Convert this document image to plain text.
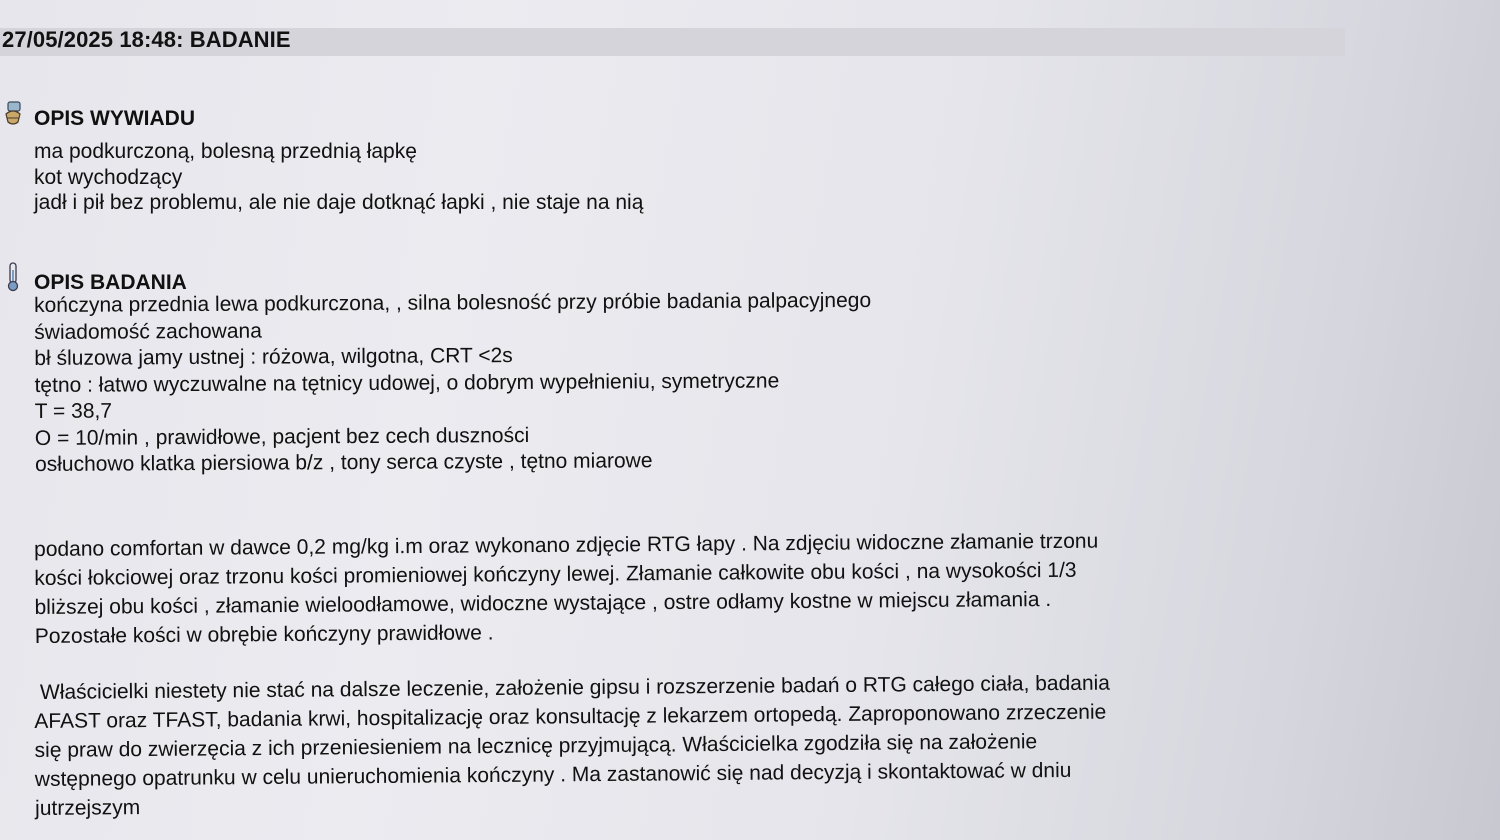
27/05/2025 18:48: BADANIE
OPIS WYWIADU
ma podkurczoną, bolesną przednią łapkę
kot wychodzący
jadł i pił bez problemu, ale nie daje dotknąć łapki , nie staje na nią
OPIS BADANIA
kończyna przednia lewa podkurczona, , silna bolesność przy próbie badania palpacyjnego
świadomość zachowana
bł śluzowa jamy ustnej : różowa, wilgotna, CRT <2s
tętno : łatwo wyczuwalne na tętnicy udowej, o dobrym wypełnieniu, symetryczne
T = 38,7
O = 10/min , prawidłowe, pacjent bez cech duszności
osłuchowo klatka piersiowa b/z , tony serca czyste , tętno miarowe
podano comfortan w dawce 0,2 mg/kg i.m oraz wykonano zdjęcie RTG łapy . Na zdjęciu widoczne złamanie trzonu
kości łokciowej oraz trzonu kości promieniowej kończyny lewej. Złamanie całkowite obu kości , na wysokości 1/3
bliższej obu kości , złamanie wieloodłamowe, widoczne wystające , ostre odłamy kostne w miejscu złamania .
Pozostałe kości w obrębie kończyny prawidłowe .
Właścicielki niestety nie stać na dalsze leczenie, założenie gipsu i rozszerzenie badań o RTG całego ciała, badania
AFAST oraz TFAST, badania krwi, hospitalizację oraz konsultację z lekarzem ortopedą. Zaproponowano zrzeczenie
się praw do zwierzęcia z ich przeniesieniem na lecznicę przyjmującą. Właścicielka zgodziła się na założenie
wstępnego opatrunku w celu unieruchomienia kończyny . Ma zastanowić się nad decyzją i skontaktować w dniu
jutrzejszym
